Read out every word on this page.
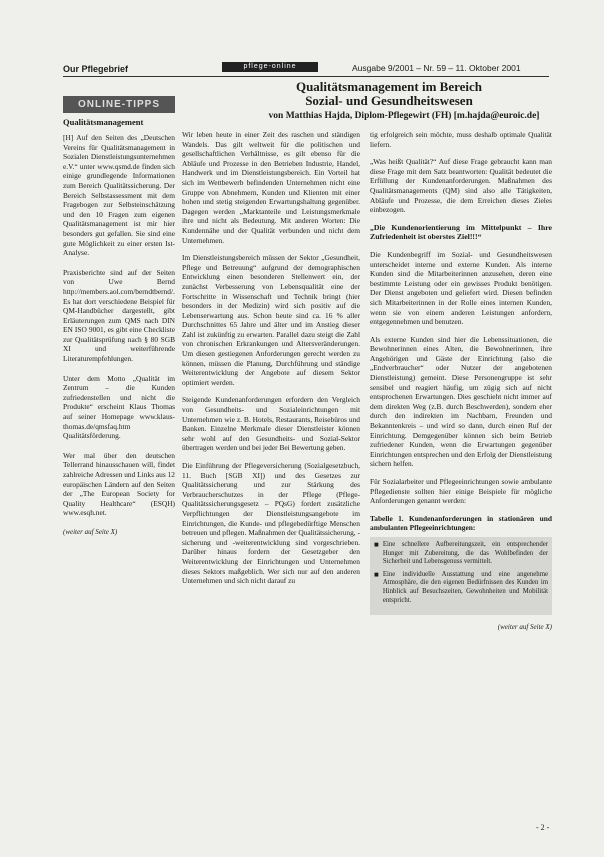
Our Pflegebrief	pflege-online	Ausgabe 9/2001 – Nr. 59 – 11. Oktober 2001
Qualitätsmanagement im Bereich
Sozial- und Gesundheitswesen
von Matthias Hajda, Diplom-Pflegewirt (FH) [m.hajda@euroic.de]
ONLINE-TIPPS
Qualitätsmanagement

[H] Auf den Seiten des „Deutschen Vereins für Qualitätsmanagement in Sozialen Dienstleistungsunternehmen e.V.“ unter www.qsmd.de finden sich einige grundlegende Informationen zum Bereich Qualitätssicherung. Der Bereich Selbstassessment mit dem Fragebogen zur Selbsteinschätzung und den 10 Fragen zum eigenen Qualitätsmanagement ist mir hier besonders gut gefallen. Sie sind eine gute Möglichkeit zu einer ersten Ist-Analyse.

Praxisberichte sind auf der Seiten von Uwe Bernd http://members.aol.com/berndtbernd/. Es hat dort verschiedene Beispiel für QM-Handbücher dargestellt, gibt Erläuterungen zum QMS nach DIN EN ISO 9001, es gibt eine Checkliste zur Qualitätsprüfung nach § 80 SGB XI und weiterführende Literaturempfehlungen.

Unter dem Motto „Qualität im Zentrum – die Kunden zufriedenstellen und nicht die Produkte“ erscheint Klaus Thomas auf seiner Homepage www.klaus-thomas.de/qmsfaq.htm Qualitätsförderung.

Wer mal über den deutschen Tellerrand hinausschauen will, findet zahlreiche Adressen und Links aus 12 europäischen Ländern auf den Seiten der „The European Society for Quality Healthcare“ (ESQH) www.esqh.net.

(weiter auf Seite X)

Wir leben heute in einer Zeit des raschen und ständigen Wandels. Das gilt weltweit für die politischen und gesellschaftlichen Verhältnisse, es gilt ebenso für die Abläufe und Prozesse in den Betrieben Industrie, Handel, Handwerk und im Dienstleistungsbereich. Ein Vorteil hat sich im Wettbewerb befindenden Unternehmen nicht eine Gruppe von Abnehmern, Kunden und Klienten mit einer hohen und stetig steigenden Erwartungshaltung gegenüber. Dagegen werden „Marktanteile und Leistungsmerkmale ihre und nicht als Bedeutung. Mit anderen Worten: Die Kundennähe und der Qualität verbunden und nicht dem Unternehmen.

Im Dienstleistungsbereich müssen der Sektor „Gesundheit, Pflege und Betreuung“ aufgrund der demographischen Entwicklung einen besonderen Stellenwert ein, der zunächst Verbesserung von Lebensqualität eine der Fortschritte in Wissenschaft und Technik bringt (hier besonders in der Medizin) wird sich positiv auf die Lebenserwartung aus. Schon heute sind ca. 16 % aller Durchschnittes 65 Jahre und älter und im Anstieg dieser Zahl ist zukünftig zu erwarten. Parallel dazu steigt die Zahl von chronischen Erkrankungen und Altersveränderungen. Um diesen gestiegenen Anforderungen gerecht werden zu können, müssen die Planung, Durchführung und ständige Weiterentwicklung der Angebote auf diesem Sektor optimiert werden.

Steigende Kundenanforderungen erfordern den Vergleich von Gesundheits- und Sozialeinrichtungen mit Unternehmen wie z. B. Hotels, Restaurants, Reisebüros und Banken. Einzelne Merkmale dieser Dienstleister können sehr wohl auf den Gesundheits- und Sozial-Sektor übertragen werden und bei jeder Bei Bewertung geben.

Die Einführung der Pflegeversicherung (Sozialgesetzbuch, 11. Buch [SGB XI]) und des Gesetzes zur Qualitätssicherung und zur Stärkung des Verbraucherschutzes in der Pflege (Pflege-Qualitätssicherungsgesetz – PQsG) fordert zusätzliche Verpflichtungen der Dienstleistungsangebote im Einrichtungen, die Kunde- und pflegebedürftige Menschen betreuen und pflegen. Maßnahmen der Qualitätssicherung, -sicherung und -weiterentwicklung sind vorgeschrieben. Darüber hinaus fordern der Gesetzgeber den Weiterentwicklung der Einrichtungen und Unternehmen dieses Sektors maßgeblich. Wer sich nur auf den anderen Unternehmen und sich nicht darauf zu

tig erfolgreich sein möchte, muss deshalb optimale Qualität liefern.

„Was heißt Qualität?“ Auf diese Frage gebraucht kann man diese Frage mit dem Satz beantworten: Qualität bedeutet die Erfüllung der Kundenanforderungen. Maßnahmen des Qualitätsmanagements (QM) sind also alle Tätigkeiten, Abläufe und Prozesse, die dem Erreichen dieses Zieles einbezogen.

„Die Kundenorientierung im Mittelpunkt – Ihre Zufriedenheit ist oberstes Ziel!!!“

Die Kundenbegriff im Sozial- und Gesundheitswesen unterscheidet interne und externe Kunden. Als interne Kunden sind die Mitarbeiterinnen anzusehen, deren eine bestimmte Leistung oder ein gewisses Produkt benötigen. Der Dienst angeboten und geliefert wird. Diesen befinden sich Mitarbeiterinnen in der Rolle eines internen Kunden, wenn sie von einem anderen Leistungen anfordern, entgegennehmen und benutzen.

Als externe Kunden sind hier die Lebenssituationen, die Bewohnerinnen eines Alten, die Bewohnerinnen, ihre Angehörigen und Gäste der Einrichtung (also die „Endverbraucher“ oder Nutzer der angebotenen Dienstleistung) gemeint. Diese Personengruppe ist sehr sensibel und reagiert häufig, um zügig sich auf nicht entsprochenen Erwartungen. Dies geschieht nicht immer auf dem direkten Weg (z.B. durch Beschwerden), sondern eher durch den indirekten im Nachbarn, Freunden und Bekanntenkreis – und wird so dann, durch einen Ruf der Einrichtung. Demgegenüber können sich beim Betrieb zufriedener Kunden, wenn die Erwartungen gegenüber Einrichtungen entsprechen und den Erfolg der Dienstleistung sichern helfen.

Für Sozialarbeiter und Pflegeeinrichtungen sowie ambulante Pflegedienste sollten hier einige Beispiele für mögliche Anforderungen genannt werden:

Tabelle 1. Kundenanforderungen in stationären und ambulanten Pflegeeinrichtungen:
■ Eine schnellere Aufbereitungszeit, ein entsprechender Hunger mit Zubereitung, die das Wohlbefinden der Sicherheit und Lebensgenuss vermittelt.
■ Eine individuelle Ausstattung und eine angenehme Atmosphäre, die den eigenen Bedürfnissen des Kunden im Hinblick auf Besuchszeiten, Gewohnheiten und Mobilität entspricht.
(weiter auf Seite X)
- 2 -
